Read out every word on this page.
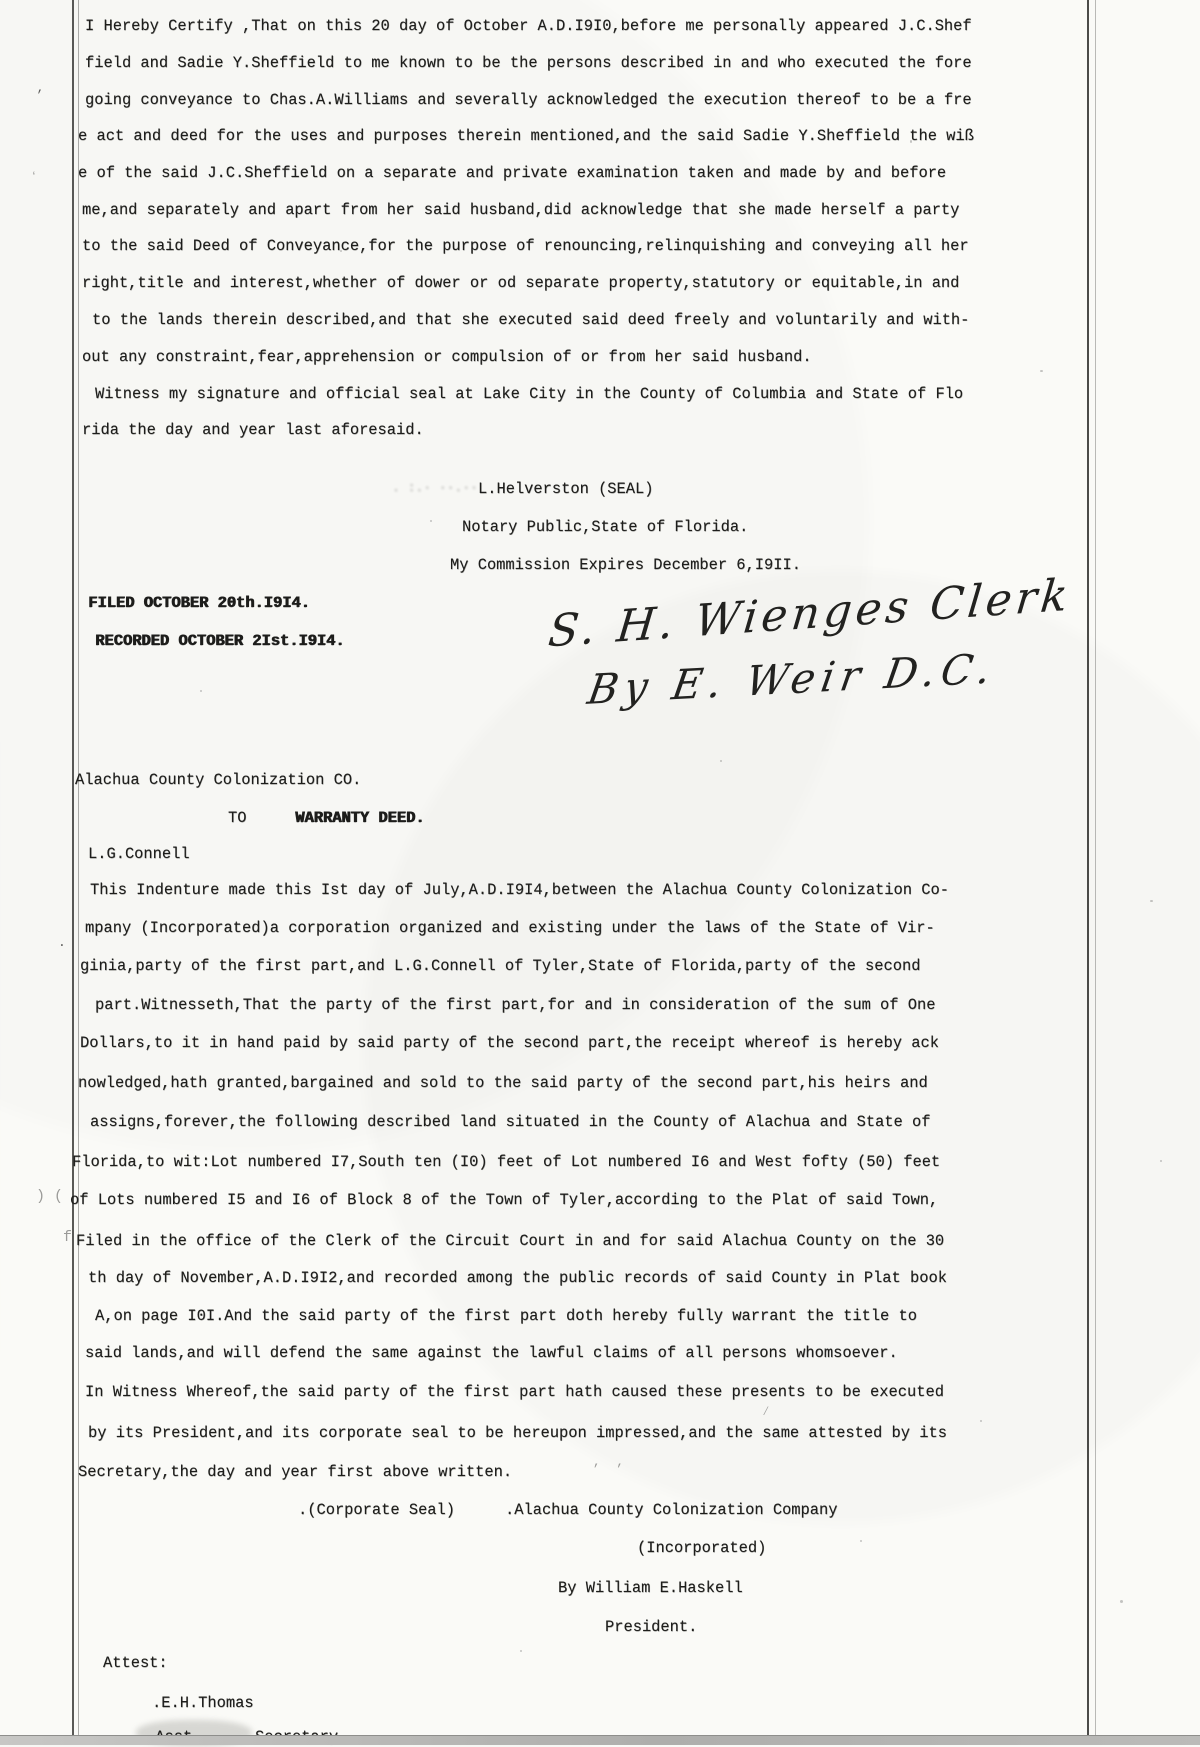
I Hereby Certify ,That on this 20 day of October A.D.I9I0,before me personally appeared J.C.Shef
field and Sadie Y.Sheffield to me known to be the persons described in and who executed the fore
going conveyance to Chas.A.Williams and severally acknowledged the execution thereof to be a fre
e act and deed for the uses and purposes therein mentioned,and the said Sadie Y.Sheffield the wiß
e of the said J.C.Sheffield on a separate and private examination taken and made by and before
me,and separately and apart from her said husband,did acknowledge that she made herself a party
to the said Deed of Conveyance,for the purpose of renouncing,relinquishing and conveying all her
right,title and interest,whether of dower or od separate property,statutory or equitable,in and
to the lands therein described,and that she executed said deed freely and voluntarily and with-
out any constraint,fear,apprehension or compulsion of or from her said husband.
Witness my signature and official seal at Lake City in the County of Columbia and State of Flo
rida the day and year last aforesaid.
. :.· ··.·· L.Helverston (SEAL)
Notary Public,State of Florida.
My Commission Expires December 6,I9II.
FILED OCTOBER 20th.I9I4.
RECORDED OCTOBER 2Ist.I9I4.	S. H. Wienges Clerk
By E. Weir D.C.
Alachua County Colonization CO.
TO	WARRANTY DEED.
L.G.Connell
This Indenture made this Ist day of July,A.D.I9I4,between the Alachua County Colonization Co-
mpany (Incorporated)a corporation organized and existing under the laws of the State of Vir-
ginia,party of the first part,and L.G.Connell of Tyler,State of Florida,party of the second
part.Witnesseth,That the party of the first part,for and in consideration of the sum of One
Dollars,to it in hand paid by said party of the second part,the receipt whereof is hereby ack
nowledged,hath granted,bargained and sold to the said party of the second part,his heirs and
assigns,forever,the following described land situated in the County of Alachua and State of
Florida,to wit:Lot numbered I7,South ten (I0) feet of Lot numbered I6 and West fofty (50) feet
of Lots numbered I5 and I6 of Block 8 of the Town of Tyler,according to the Plat of said Town,
Filed in the office of the Clerk of the Circuit Court in and for said Alachua County on the 30
th day of November,A.D.I9I2,and recorded among the public records of said County in Plat book
A,on page I0I.And the said party of the first part doth hereby fully warrant the title to
said lands,and will defend the same against the lawful claims of all persons whomsoever.
In Witness Whereof,the said party of the first part hath caused these presents to be executed
by its President,and its corporate seal to be hereupon impressed,and the same attested by its
Secretary,the day and year first above written.
.(Corporate Seal)	.Alachua County Colonization Company
(Incorporated)
By William E.Haskell
President.
Attest:
.E.H.Thomas
‚
ʻ
.
f
) (
⁄
’  ’
